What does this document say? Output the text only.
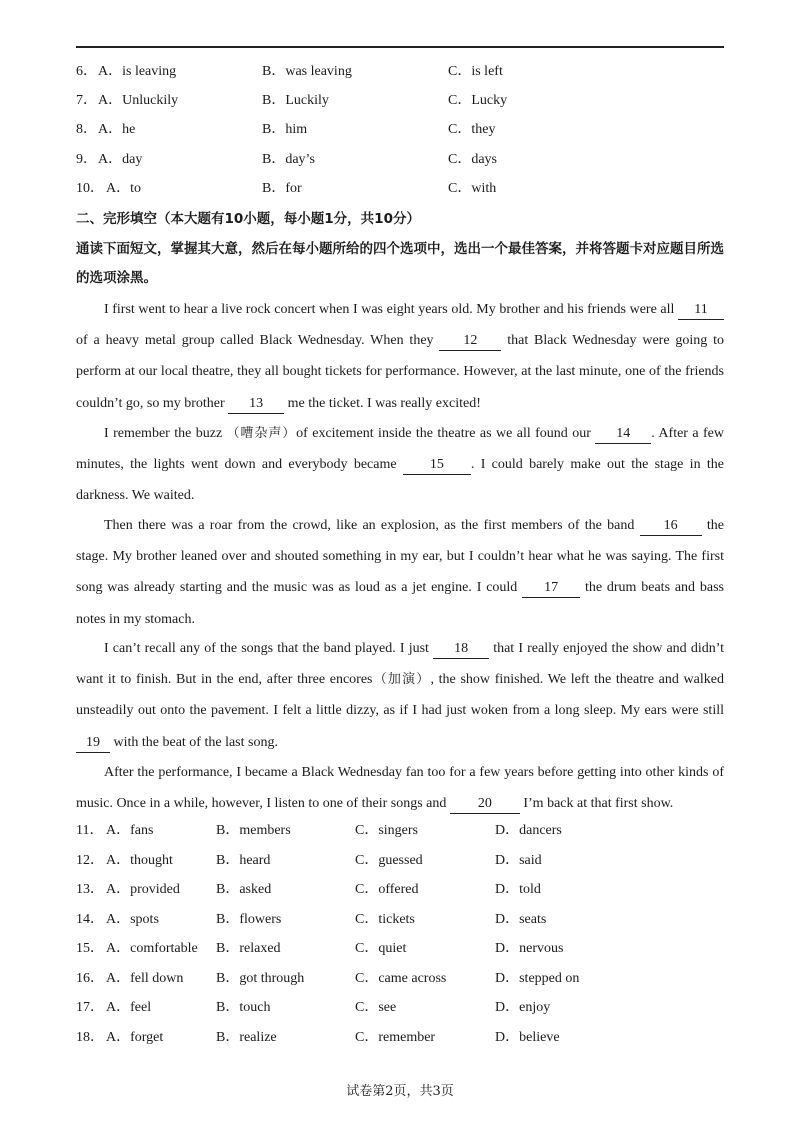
6． A．is leaving	B．was leaving	C．is left
7． A．Unluckily	B．Luckily	C．Lucky
8． A．he	B．him	C．they
9． A．day	B．day’s	C．days
10． A．to	B．for	C．with
二、完形填空（本大题有10小题，每小题1分，共10分）
通读下面短文，掌握其大意，然后在每小题所给的四个选项中，选出一个最佳答案，并将答题卡对应题目所选的选项涂黑。
I first went to hear a live rock concert when I was eight years old. My brother and his friends were all 11 of a heavy metal group called Black Wednesday. When they 12 that Black Wednesday were going to perform at our local theatre, they all bought tickets for performance. However, at the last minute, one of the friends couldn’t go, so my brother 13 me the ticket. I was really excited!
I remember the buzz （嘈杂声）of excitement inside the theatre as we all found our 14 . After a few minutes, the lights went down and everybody became 15 . I could barely make out the stage in the darkness. We waited.
Then there was a roar from the crowd, like an explosion, as the first members of the band 16 the stage. My brother leaned over and shouted something in my ear, but I couldn’t hear what he was saying. The first song was already starting and the music was as loud as a jet engine. I could 17 the drum beats and bass notes in my stomach.
I can’t recall any of the songs that the band played. I just 18 that I really enjoyed the show and didn’t want it to finish. But in the end, after three encores（加演）, the show finished. We left the theatre and walked unsteadily out onto the pavement. I felt a little dizzy, as if I had just woken from a long sleep. My ears were still 19 with the beat of the last song.
After the performance, I became a Black Wednesday fan too for a few years before getting into other kinds of music. Once in a while, however, I listen to one of their songs and 20 I’m back at that first show.
11． A．fans	B．members	C．singers	D．dancers
12． A．thought	B．heard	C．guessed	D．said
13． A．provided	B．asked	C．offered	D．told
14． A．spots	B．flowers	C．tickets	D．seats
15． A．comfortable B．relaxed	C．quiet	D．nervous
16． A．fell down B．got through	C．came across	D．stepped on
17． A．feel	B．touch	C．see	D．enjoy
18． A．forget	B．realize	C．remember	D．believe
试卷第2页，共3页
